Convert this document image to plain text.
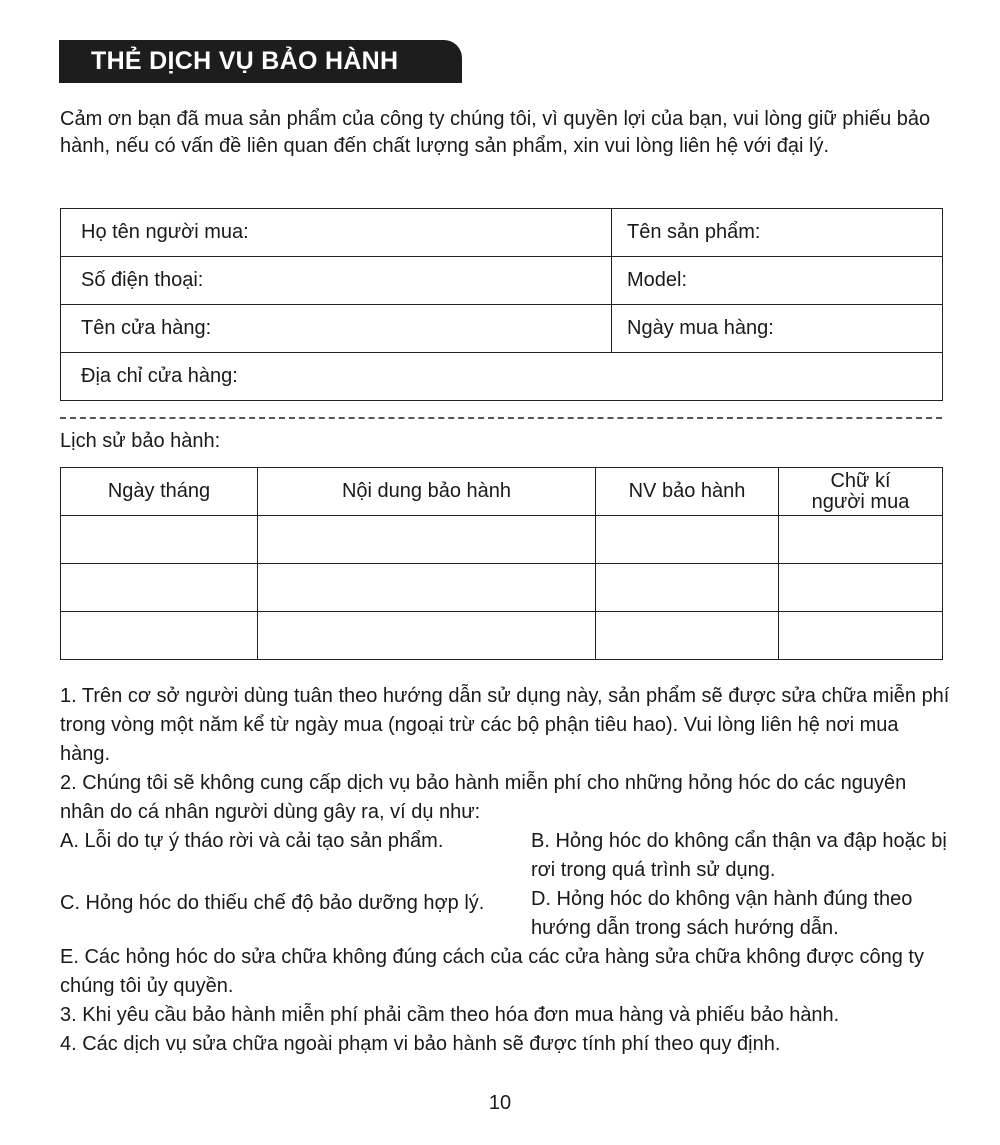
THẺ DỊCH VỤ BẢO HÀNH
Cảm ơn bạn đã mua sản phẩm của công ty chúng tôi, vì quyền lợi của bạn, vui lòng giữ phiếu bảo hành, nếu có vấn đề liên quan đến chất lượng sản phẩm, xin vui lòng liên hệ với đại lý.
Họ tên người mua:	Tên sản phẩm:
Số điện thoại:	Model:
Tên cửa hàng:	Ngày mua hàng:
Địa chỉ cửa hàng:	
Lịch sử bảo hành:
Ngày tháng	Nội dung bảo hành	NV bảo hành	Chữ kí
người mua

1. Trên cơ sở người dùng tuân theo hướng dẫn sử dụng này, sản phẩm sẽ được sửa chữa miễn phí trong vòng một năm kể từ ngày mua (ngoại trừ các bộ phận tiêu hao). Vui lòng liên hệ nơi mua hàng.

2. Chúng tôi sẽ không cung cấp dịch vụ bảo hành miễn phí cho những hỏng hóc do các nguyên nhân do cá nhân người dùng gây ra, ví dụ như:

A. Lỗi do tự ý tháo rời và cải tạo sản phẩm.	B. Hỏng hóc do không cẩn thận va đập hoặc bị rơi trong quá trình sử dụng.
C. Hỏng hóc do thiếu chế độ bảo dưỡng hợp lý.	D. Hỏng hóc do không vận hành đúng theo hướng dẫn trong sách hướng dẫn.

E. Các hỏng hóc do sửa chữa không đúng cách của các cửa hàng sửa chữa không được công ty chúng tôi ủy quyền.

3. Khi yêu cầu bảo hành miễn phí phải cầm theo hóa đơn mua hàng và phiếu bảo hành.

4. Các dịch vụ sửa chữa ngoài phạm vi bảo hành sẽ được tính phí theo quy định.

10
